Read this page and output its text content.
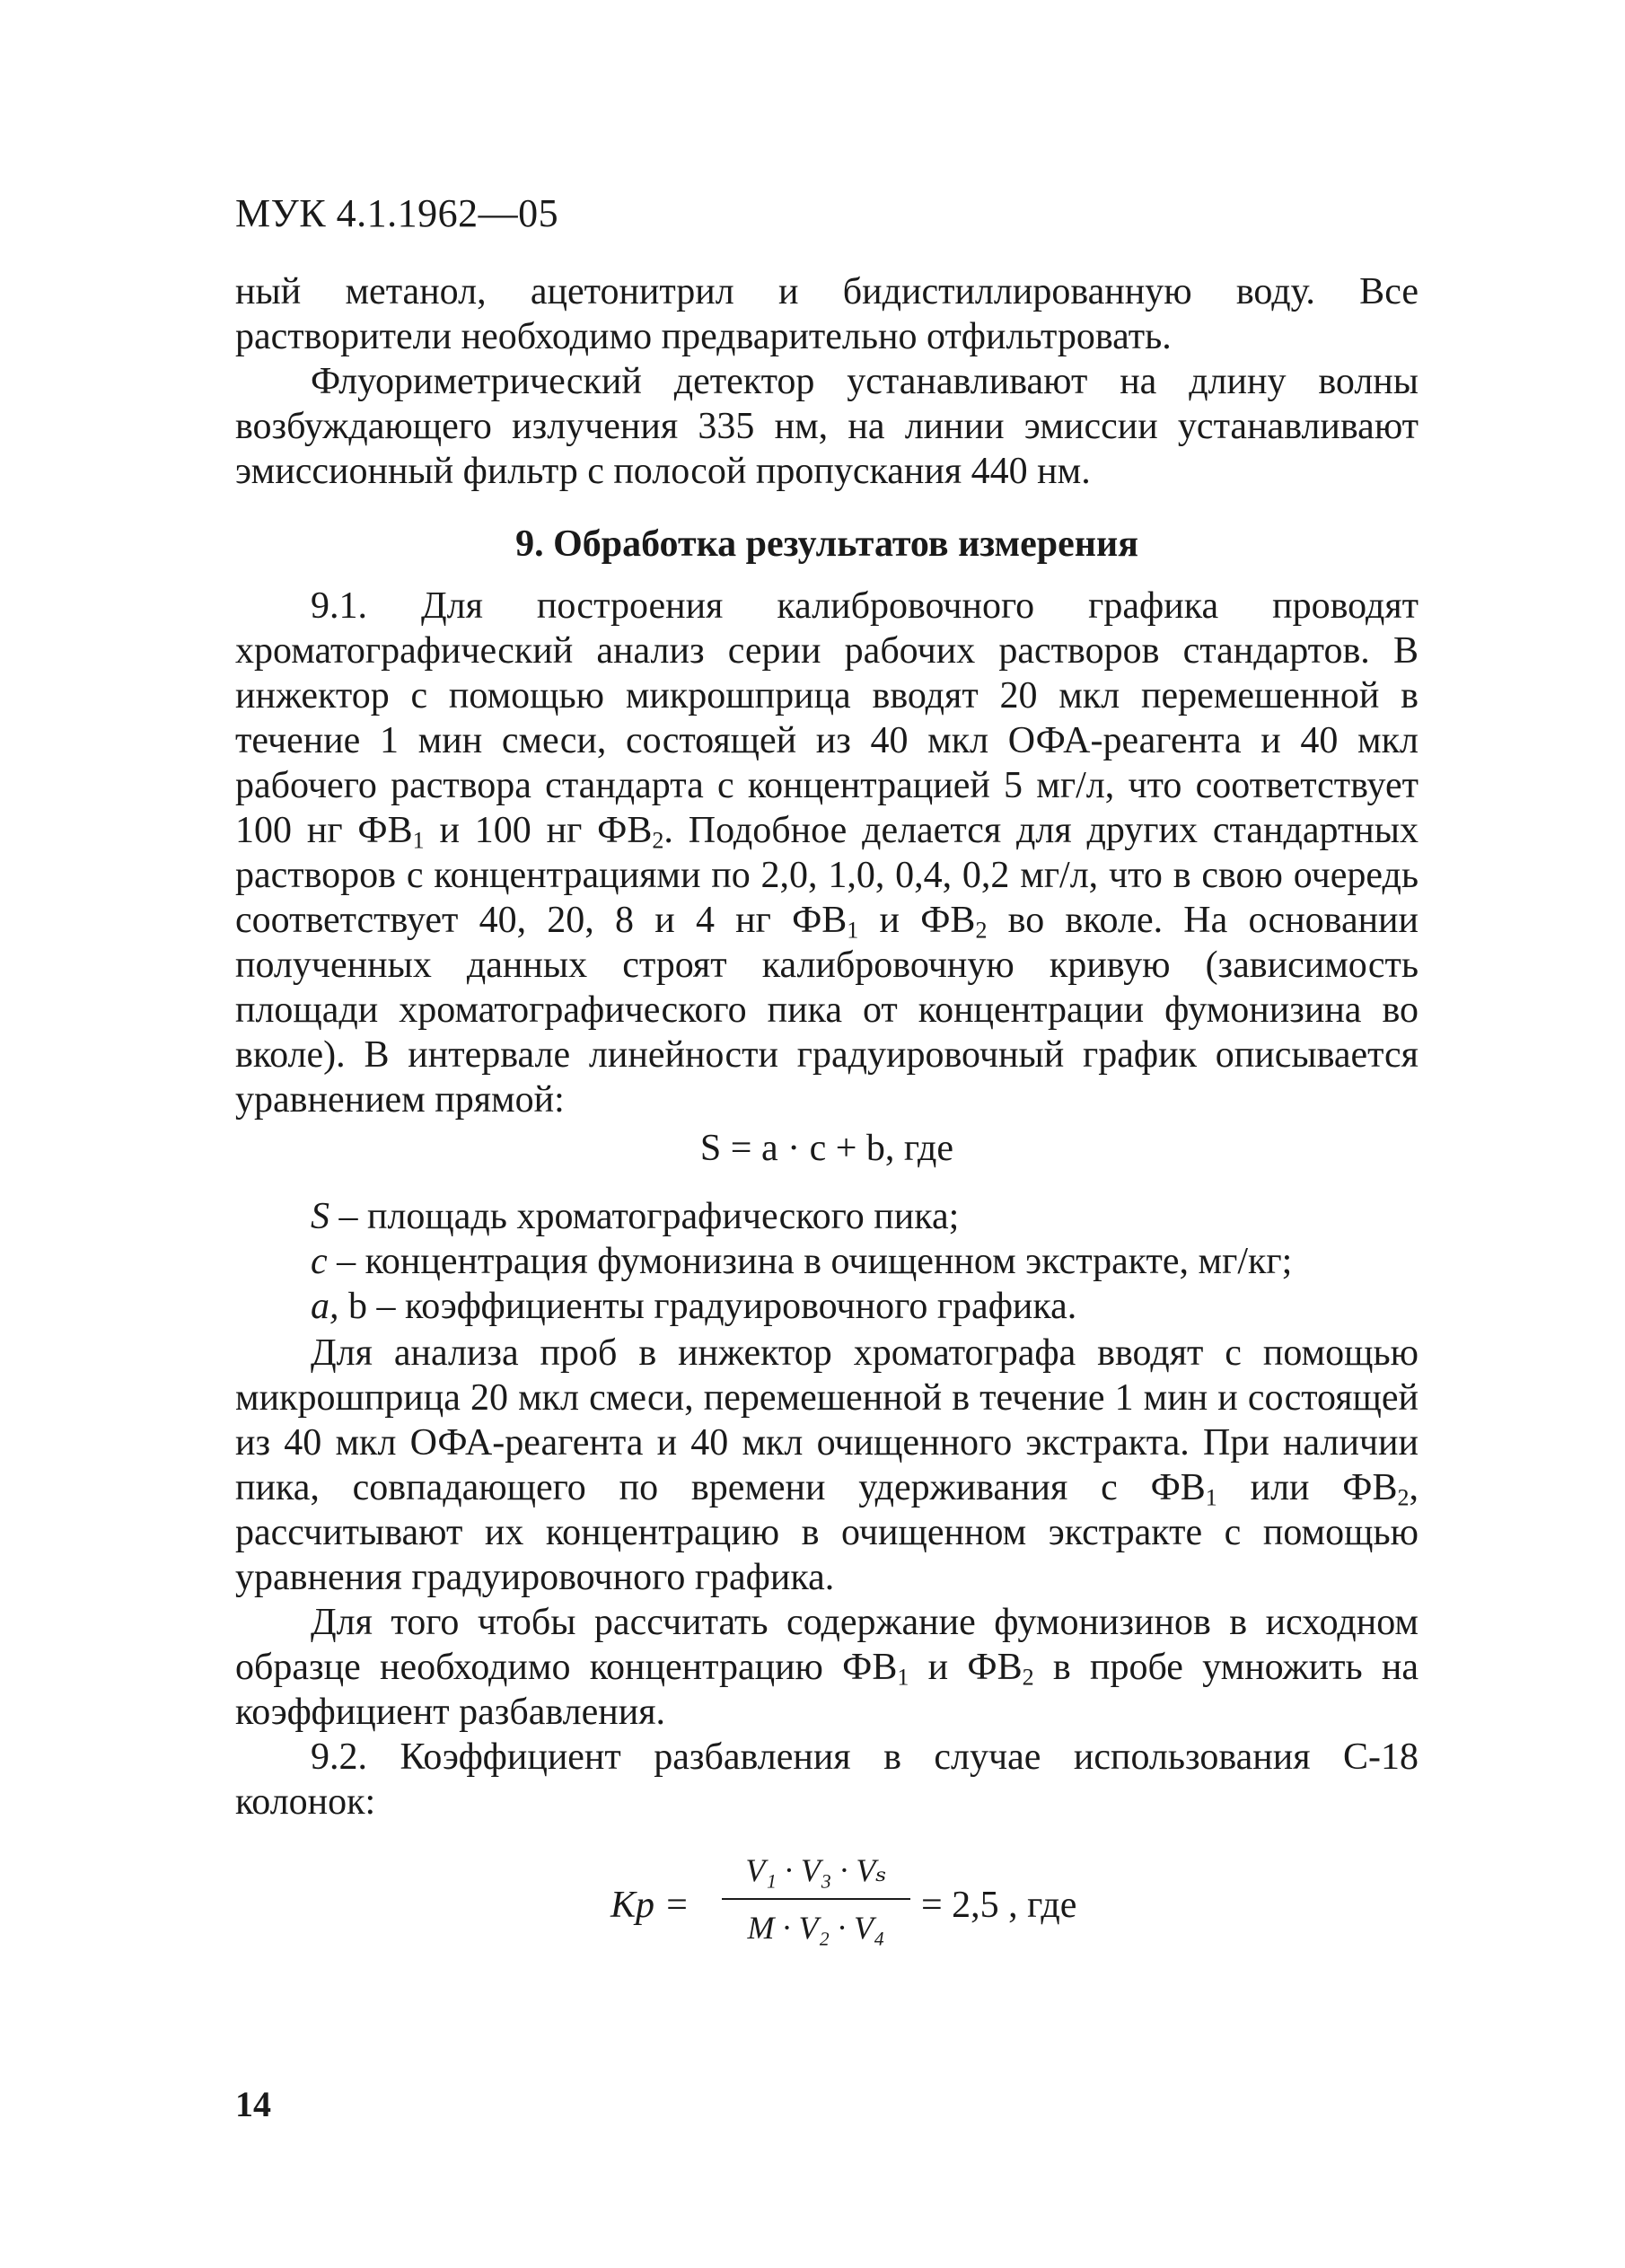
МУК 4.1.1962—05

ный метанол, ацетонитрил и бидистиллированную воду. Все растворители необходимо предварительно отфильтровать.

Флуориметрический детектор устанавливают на длину волны возбуждающего излучения 335 нм, на линии эмиссии устанавливают эмиссионный фильтр с полосой пропускания 440 нм.

9. Обработка результатов измерения
9.1. Для построения калибровочного графика проводят хроматографический анализ серии рабочих растворов стандартов. В инжектор с помощью микрошприца вводят 20 мкл перемешенной в течение 1 мин смеси, состоящей из 40 мкл ОФА-реагента и 40 мкл рабочего раствора стандарта с концентрацией 5 мг/л, что соответствует 100 нг $ФВ_1$ и 100 нг $ФВ_2$. Подобное делается для других стандартных растворов с концентрациями по 2,0, 1,0, 0,4, 0,2 мг/л, что в свою очередь соответствует 40, 20, 8 и 4 нг $ФВ_1$ и $ФВ_2$ во вколе. На основании полученных данных строят калибровочную кривую (зависимость площади хроматографического пика от концентрации фумонизина во вколе). В интервале линейности градуировочный график описывается уравнением прямой:
S = a · c + b, где
S – площадь хроматографического пика;
c – концентрация фумонизина в очищенном экстракте, мг/кг;
a, b – коэффициенты градуировочного графика.
Для анализа проб в инжектор хроматографа вводят с помощью микрошприца 20 мкл смеси, перемешенной в течение 1 мин и состоящей из 40 мкл ОФА-реагента и 40 мкл очищенного экстракта. При наличии пика, совпадающего по времени удерживания с $ФВ_1$ или $ФВ_2$, рассчитывают их концентрацию в очищенном экстракте с помощью уравнения градуировочного графика.
Для того чтобы рассчитать содержание фумонизинов в исходном образце необходимо концентрацию $ФВ_1$ и $ФВ_2$ в пробе умножить на коэффициент разбавления.
9.2. Коэффициент разбавления в случае использования С-18 колонок:
Kp =
V₁ · V₃ · Vₛ
M · V₂ · V₄
= 2,5 , где
14
